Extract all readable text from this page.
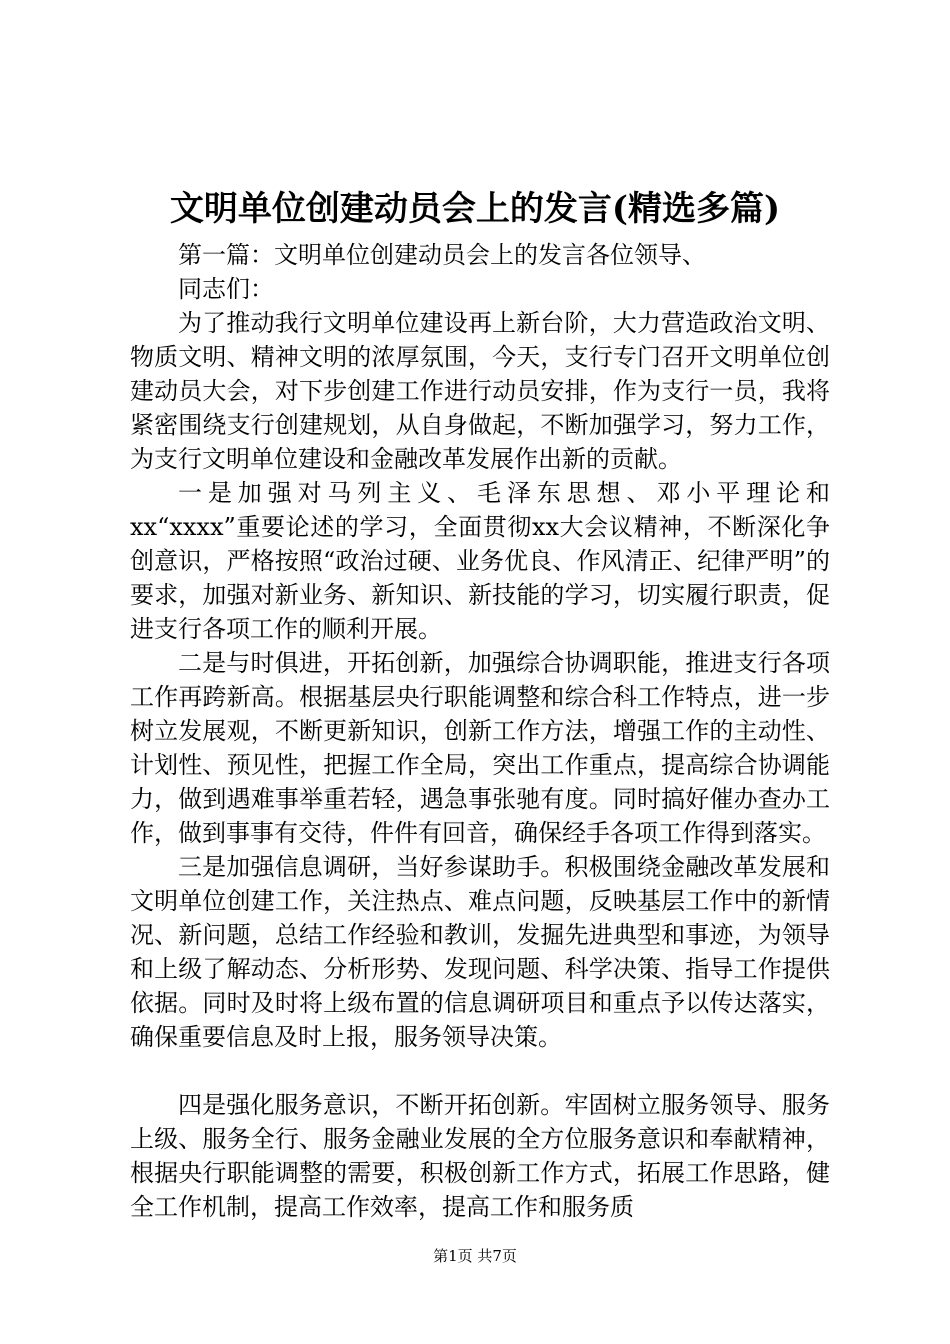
文明单位创建动员会上的发言(精选多篇)

第一篇：文明单位创建动员会上的发言各位领导、

同志们：

为了推动我行文明单位建设再上新台阶，大力营造政治文明、物质文明、精神文明的浓厚氛围，今天，支行专门召开文明单位创建动员大会，对下步创建工作进行动员安排，作为支行一员，我将紧密围绕支行创建规划，从自身做起，不断加强学习，努力工作，为支行文明单位建设和金融改革发展作出新的贡献。

一是加强对马列主义、毛泽东思想、邓小平理论和xx“xxxx”重要论述的学习，全面贯彻xx大会议精神，不断深化争创意识，严格按照“政治过硬、业务优良、作风清正、纪律严明”的要求，加强对新业务、新知识、新技能的学习，切实履行职责，促进支行各项工作的顺利开展。

二是与时俱进，开拓创新，加强综合协调职能，推进支行各项工作再跨新高。根据基层央行职能调整和综合科工作特点，进一步树立发展观，不断更新知识，创新工作方法，增强工作的主动性、计划性、预见性，把握工作全局，突出工作重点，提高综合协调能力，做到遇难事举重若轻，遇急事张驰有度。同时搞好催办查办工作，做到事事有交待，件件有回音，确保经手各项工作得到落实。

三是加强信息调研，当好参谋助手。积极围绕金融改革发展和文明单位创建工作，关注热点、难点问题，反映基层工作中的新情况、新问题，总结工作经验和教训，发掘先进典型和事迹，为领导和上级了解动态、分析形势、发现问题、科学决策、指导工作提供依据。同时及时将上级布置的信息调研项目和重点予以传达落实，确保重要信息及时上报，服务领导决策。

四是强化服务意识，不断开拓创新。牢固树立服务领导、服务上级、服务全行、服务金融业发展的全方位服务意识和奉献精神，根据央行职能调整的需要，积极创新工作方式，拓展工作思路，健全工作机制，提高工作效率，提高工作和服务质

第1页 共7页
